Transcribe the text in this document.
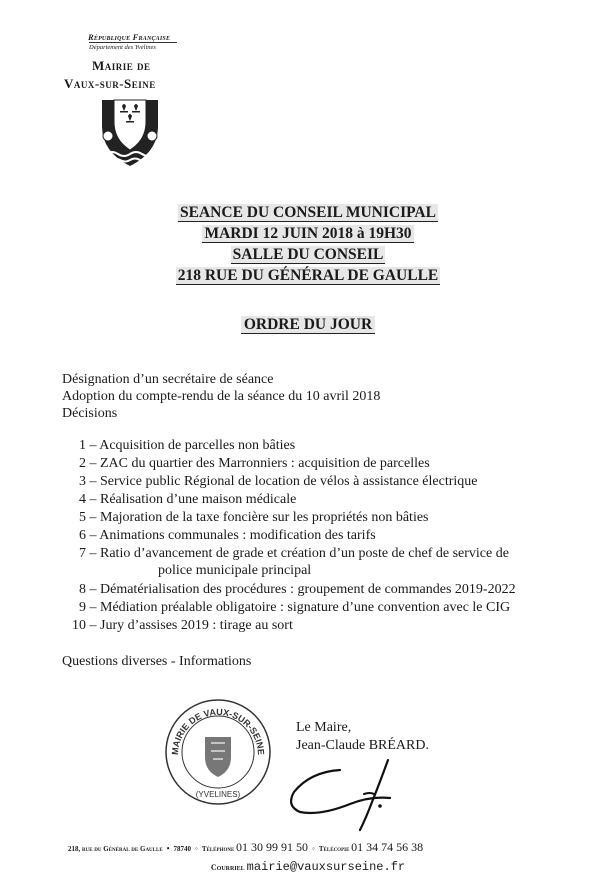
République Française
Département des Yvelines
Mairie de
Vaux-sur-Seine
SEANCE DU CONSEIL MUNICIPAL
MARDI 12 JUIN 2018 à 19H30
SALLE DU CONSEIL
218 RUE DU GÉNÉRAL DE GAULLE
ORDRE DU JOUR
Désignation d’un secrétaire de séance
Adoption du compte-rendu de la séance du 10 avril 2018
Décisions
1 – Acquisition de parcelles non bâties
2 – ZAC du quartier des Marronniers : acquisition de parcelles
3 – Service public Régional de location de vélos à assistance électrique
4 – Réalisation d’une maison médicale
5 – Majoration de la taxe foncière sur les propriétés non bâties
6 – Animations communales : modification des tarifs
7 – Ratio d’avancement de grade et création d’un poste de chef de service de
police municipale principal
8 – Dématérialisation des procédures : groupement de commandes 2019-2022
9 – Médiation préalable obligatoire : signature d’une convention avec le CIG
10 – Jury d’assises 2019 : tirage au sort
Questions diverses - Informations
MAIRIE DE VAUX-SUR-SEINE
(YVELINES)
Le Maire,
Jean-Claude BRÉARD.
218, rue du Général de Gaulle • 78740 ◦ Téléphone 01 30 99 91 50 ◦ Télécopie 01 34 74 56 38
Courriel mairie@vauxsurseine.fr
